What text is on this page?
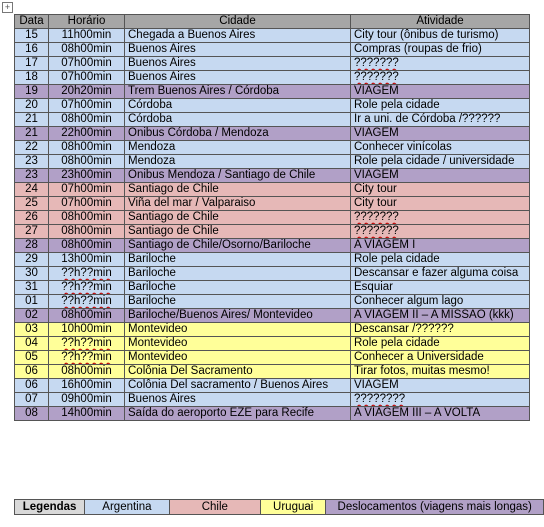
+
Data	Horário	Cidade	Atividade
15	11h00min	Chegada a Buenos Aires	City tour (ônibus de turismo)
16	08h00min	Buenos Aires	Compras (roupas de frio)
17	07h00min	Buenos Aires	???????
18	07h00min	Buenos Aires	???????
19	20h20min	Trem Buenos Aires / Córdoba	VIAGEM
20	07h00min	Córdoba	Role pela cidade
21	08h00min	Córdoba	Ir a uni. de Córdoba /??????
21	22h00min	Onibus Córdoba / Mendoza	VIAGEM
22	08h00min	Mendoza	Conhecer vinícolas
23	08h00min	Mendoza	Role pela cidade / universidade
23	23h00min	Onibus Mendoza / Santiago de Chile	VIAGEM
24	07h00min	Santiago de Chile	City tour
25	07h00min	Viña del mar / Valparaiso	City tour
26	08h00min	Santiago de Chile	???????
27	08h00min	Santiago de Chile	???????
28	08h00min	Santiago de Chile/Osorno/Bariloche	A VIAGEM I
29	13h00min	Bariloche	Role pela cidade
30	??h??min	Bariloche	Descansar e fazer alguma coisa
31	??h??min	Bariloche	Esquiar
01	??h??min	Bariloche	Conhecer algum lago
02	08h00min	Bariloche/Buenos Aires/ Montevideo	A VIAGEM II – A MISSÃO (kkk)
03	10h00min	Montevideo	Descansar /??????
04	??h??min	Montevideo	Role pela cidade
05	??h??min	Montevideo	Conhecer a Universidade
06	08h00min	Colônia Del Sacramento	Tirar fotos, muitas mesmo!
06	16h00min	Colônia Del sacramento / Buenos Aires	VIAGEM
07	09h00min	Buenos Aires	????????
08	14h00min	Saída do aeroporto EZE para Recife	A VIAGEM III – A VOLTA
Legendas	Argentina	Chile	Uruguai	Deslocamentos (viagens mais longas)
